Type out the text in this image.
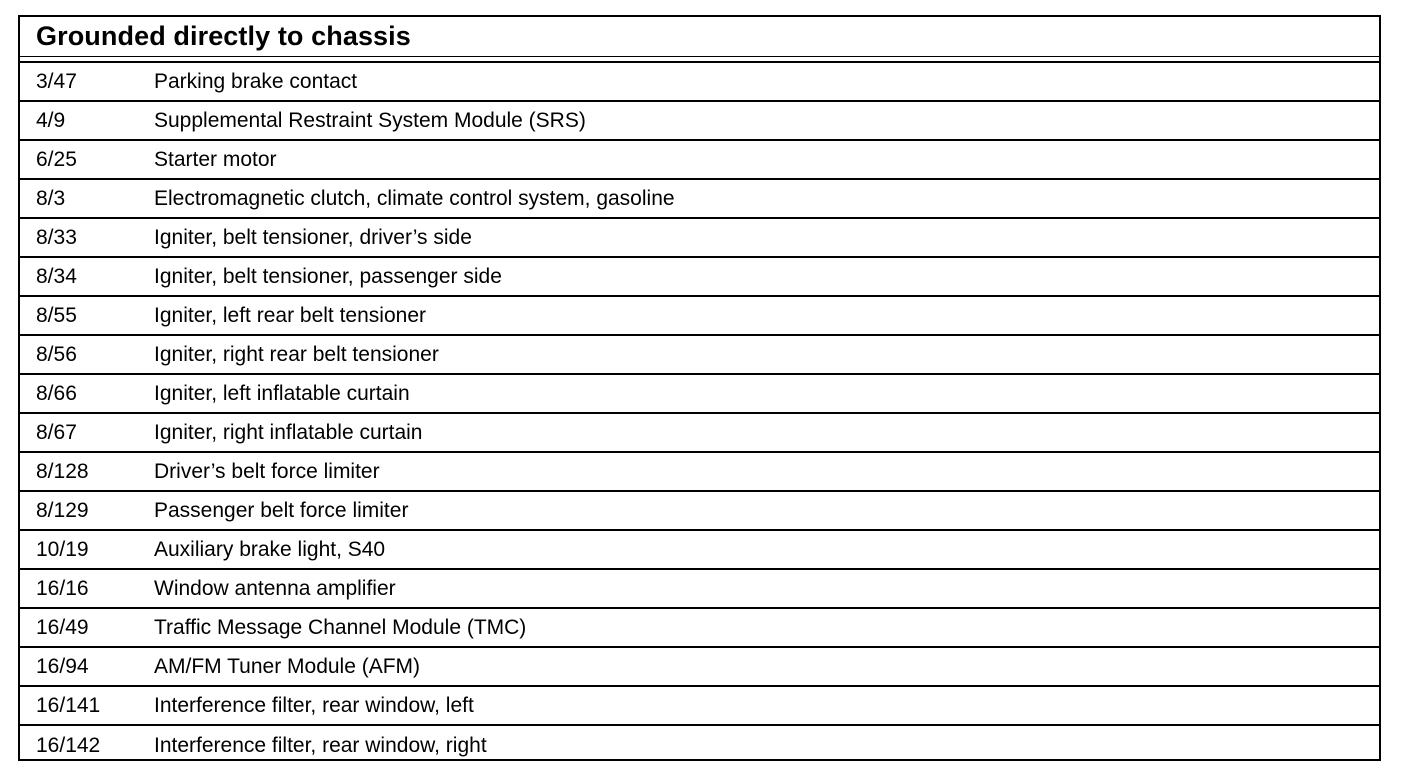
Grounded directly to chassis
3/47	Parking brake contact
4/9	Supplemental Restraint System Module (SRS)
6/25	Starter motor
8/3	Electromagnetic clutch, climate control system, gasoline
8/33	Igniter, belt tensioner, driver’s side
8/34	Igniter, belt tensioner, passenger side
8/55	Igniter, left rear belt tensioner
8/56	Igniter, right rear belt tensioner
8/66	Igniter, left inflatable curtain
8/67	Igniter, right inflatable curtain
8/128	Driver’s belt force limiter
8/129	Passenger belt force limiter
10/19	Auxiliary brake light, S40
16/16	Window antenna amplifier
16/49	Traffic Message Channel Module (TMC)
16/94	AM/FM Tuner Module (AFM)
16/141	Interference filter, rear window, left
16/142	Interference filter, rear window, right
